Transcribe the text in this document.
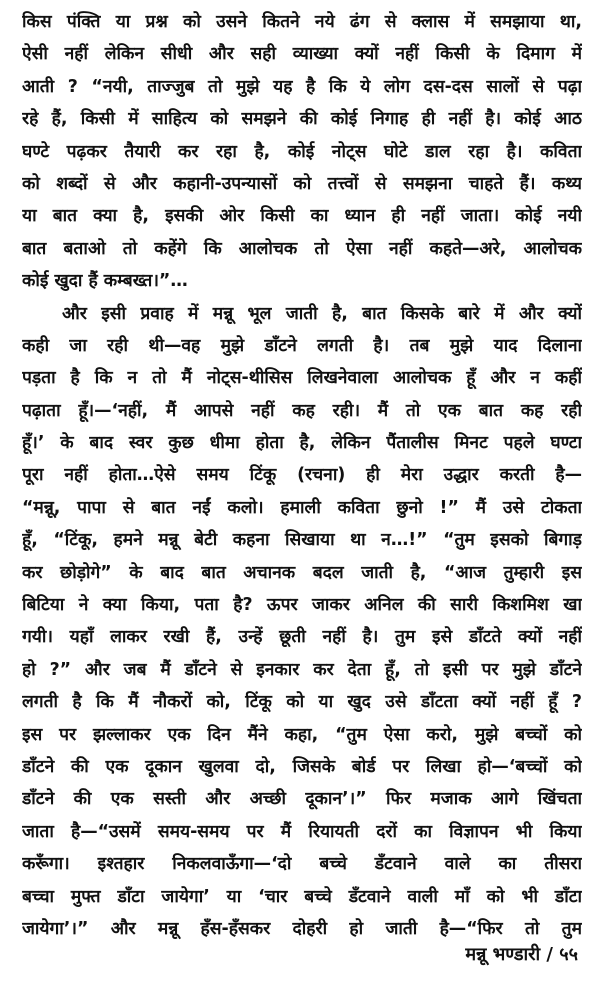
किस पंक्ति या प्रश्न को उसने कितने नये ढंग से क्लास में समझाया था,
ऐसी नहीं लेकिन सीधी और सही व्याख्या क्यों नहीं किसी के दिमाग में
आती ? “नयी, ताज्जुब तो मुझे यह है कि ये लोग दस-दस सालों से पढ़ा
रहे हैं, किसी में साहित्य को समझने की कोई निगाह ही नहीं है। कोई आठ
घण्टे पढ़कर तैयारी कर रहा है, कोई नोट्स घोटे डाल रहा है। कविता
को शब्दों से और कहानी-उपन्यासों को तत्त्वों से समझना चाहते हैं। कथ्य
या बात क्या है, इसकी ओर किसी का ध्यान ही नहीं जाता। कोई नयी
बात बताओ तो कहेंगे कि आलोचक तो ऐसा नहीं कहते—अरे, आलोचक
कोई खुदा हैं कम्बख्त।”…
और इसी प्रवाह में मन्नू भूल जाती है, बात किसके बारे में और क्यों
कही जा रही थी—वह मुझे डाँटने लगती है। तब मुझे याद दिलाना
पड़ता है कि न तो मैं नोट्स-थीसिस लिखनेवाला आलोचक हूँ और न कहीं
पढ़ाता हूँ।—‘नहीं, मैं आपसे नहीं कह रही। मैं तो एक बात कह रही
हूँ।’ के बाद स्वर कुछ धीमा होता है, लेकिन पैंतालीस मिनट पहले घण्टा
पूरा नहीं होता…ऐसे समय टिंकू (रचना) ही मेरा उद्धार करती है—
“मन्नू, पापा से बात नईं कलो। हमाली कविता छुनो !” मैं उसे टोकता
हूँ, “टिंकू, हमने मन्नू बेटी कहना सिखाया था न…!” “तुम इसको बिगाड़
कर छोड़ोगे” के बाद बात अचानक बदल जाती है, “आज तुम्हारी इस
बिटिया ने क्या किया, पता है? ऊपर जाकर अनिल की सारी किशमिश खा
गयी। यहाँ लाकर रखी हैं, उन्हें छूती नहीं है। तुम इसे डाँटते क्यों नहीं
हो ?” और जब मैं डाँटने से इनकार कर देता हूँ, तो इसी पर मुझे डाँटने
लगती है कि मैं नौकरों को, टिंकू को या खुद उसे डाँटता क्यों नहीं हूँ ?
इस पर झल्लाकर एक दिन मैंने कहा, “तुम ऐसा करो, मुझे बच्चों को
डाँटने की एक दूकान खुलवा दो, जिसके बोर्ड पर लिखा हो—‘बच्चों को
डाँटने की एक सस्ती और अच्छी दूकान’।” फिर मजाक आगे खिंचता
जाता है—“उसमें समय-समय पर मैं रियायती दरों का विज्ञापन भी किया
करूँगा। इश्तहार निकलवाऊँगा—‘दो बच्चे डँटवाने वाले का तीसरा
बच्चा मुफ्त डाँटा जायेगा’ या ‘चार बच्चे डँटवाने वाली माँ को भी डाँटा
जायेगा’।” और मन्नू हँस-हँसकर दोहरी हो जाती है—“फिर तो तुम
मन्नू भण्डारी / ५५
